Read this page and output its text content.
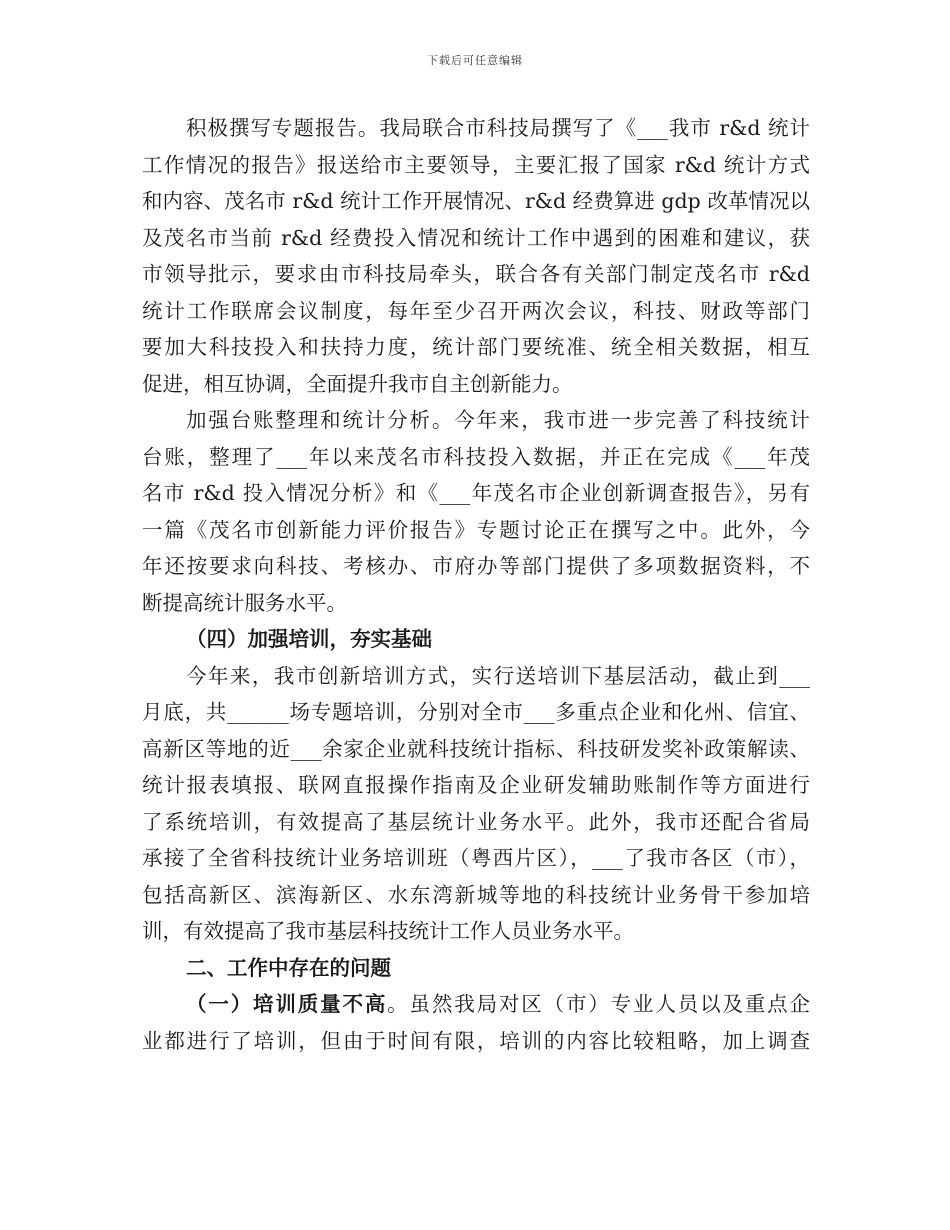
下载后可任意编辑
积极撰写专题报告。我局联合市科技局撰写了《___我市 r&d 统计
工作情况的报告》报送给市主要领导，主要汇报了国家 r&d 统计方式
和内容、茂名市 r&d 统计工作开展情况、r&d 经费算进 gdp 改革情况以
及茂名市当前 r&d 经费投入情况和统计工作中遇到的困难和建议，获
市领导批示，要求由市科技局牵头，联合各有关部门制定茂名市 r&d
统计工作联席会议制度，每年至少召开两次会议，科技、财政等部门
要加大科技投入和扶持力度，统计部门要统准、统全相关数据，相互
促进，相互协调，全面提升我市自主创新能力。
加强台账整理和统计分析。今年来，我市进一步完善了科技统计
台账，整理了___年以来茂名市科技投入数据，并正在完成《___年茂
名市 r&d 投入情况分析》和《___年茂名市企业创新调查报告》，另有
一篇《茂名市创新能力评价报告》专题讨论正在撰写之中。此外，今
年还按要求向科技、考核办、市府办等部门提供了多项数据资料，不
断提高统计服务水平。
（四）加强培训，夯实基础
今年来，我市创新培训方式，实行送培训下基层活动，截止到___
月底，共______场专题培训，分别对全市___多重点企业和化州、信宜、
高新区等地的近___余家企业就科技统计指标、科技研发奖补政策解读、
统计报表填报、联网直报操作指南及企业研发辅助账制作等方面进行
了系统培训，有效提高了基层统计业务水平。此外，我市还配合省局
承接了全省科技统计业务培训班（粤西片区），___了我市各区（市），
包括高新区、滨海新区、水东湾新城等地的科技统计业务骨干参加培
训，有效提高了我市基层科技统计工作人员业务水平。
二、工作中存在的问题
（一）培训质量不高。虽然我局对区（市）专业人员以及重点企
业都进行了培训，但由于时间有限，培训的内容比较粗略，加上调查
